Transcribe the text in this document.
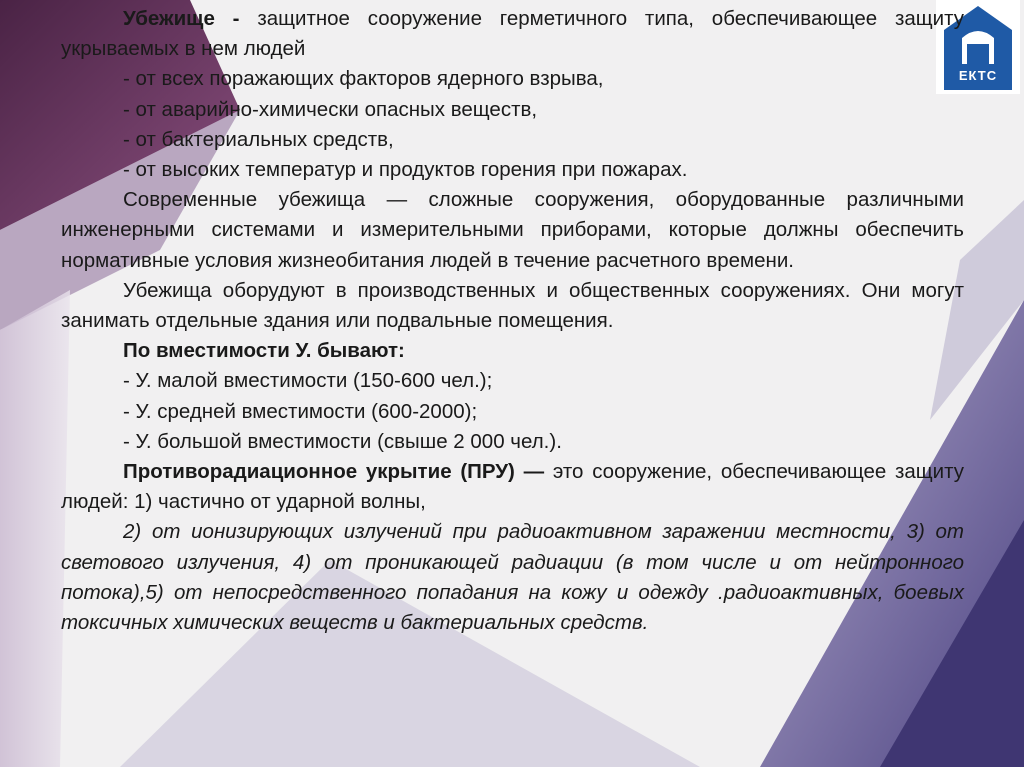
ЕКТС

Убежище - защитное сооружение герметичного типа, обеспечивающее защиту укрываемых в нем людей

- от всех поражающих факторов ядерного взрыва,

- от аварийно-химически опасных веществ,

- от бактериальных средств,

- от высоких температур и продуктов горения при пожарах.

Современные убежища — сложные сооружения, оборудованные различными инженерными системами и измерительными приборами, которые должны обеспечить нормативные условия жизнеобитания людей в течение расчетного времени.

Убежища оборудуют в производственных и общественных сооружениях. Они могут занимать отдельные здания или подвальные помещения.

По вместимости У. бывают:

- У. малой вместимости (150-600 чел.);

- У. средней вместимости (600-2000);

- У. большой вместимости (свыше 2 000 чел.).

Противорадиационное укрытие (ПРУ) — это сооружение, обеспечивающее защиту людей: 1) частично от ударной волны,

2) от ионизирующих излучений при радиоактивном заражении местности, 3) от светового излучения, 4) от проникающей радиации (в том числе и от нейтронного потока),5) от непосредственного попадания на кожу и одежду .радиоактивных, боевых токсичных химических веществ и бактериальных средств.
